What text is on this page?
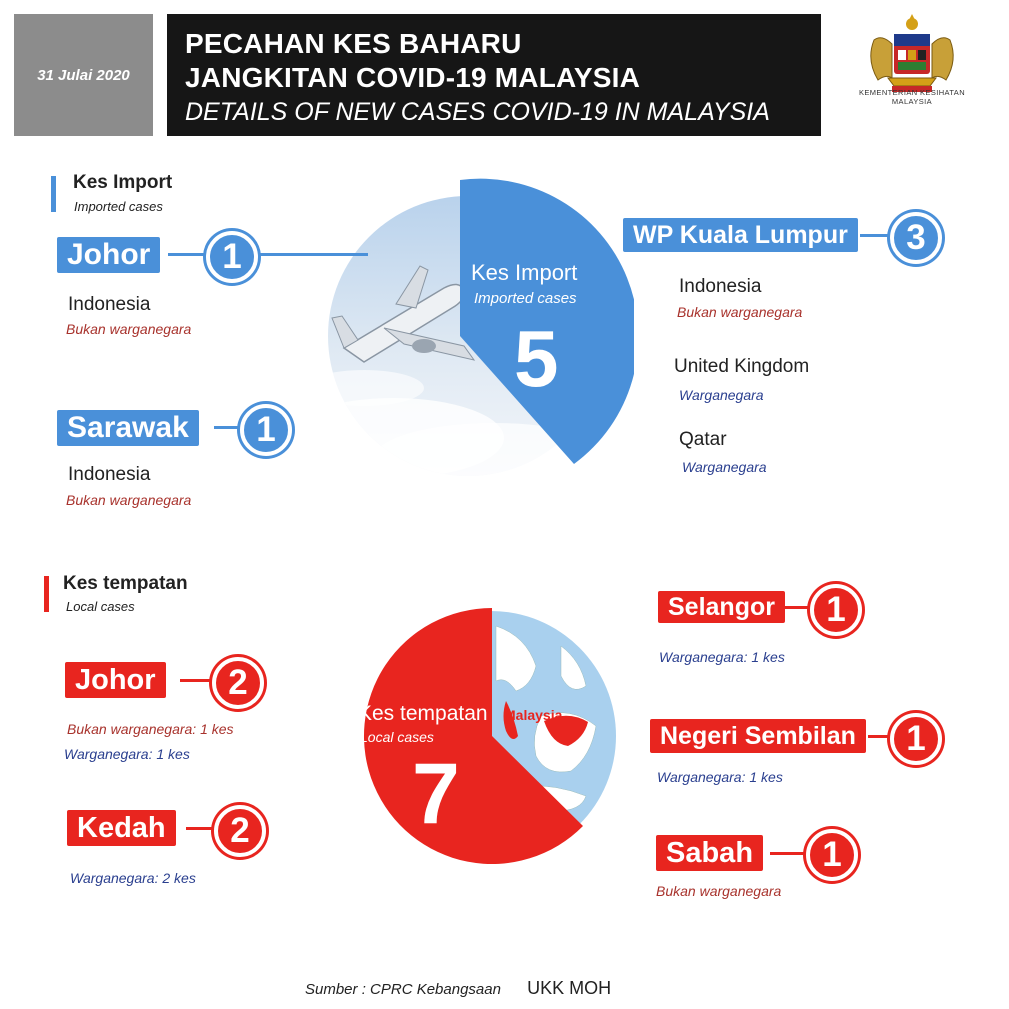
31 Julai 2020
PECAHAN KES BAHARU
JANGKITAN COVID-19 MALAYSIA
DETAILS OF NEW CASES COVID-19 IN MALAYSIA
KEMENTERIAN KESIHATAN
MALAYSIA
Kes Import
Imported cases
Kes Import
Imported cases
5
Johor	1
Indonesia
Bukan warganegara
Sarawak	1
Indonesia
Bukan warganegara
WP Kuala Lumpur	3
Indonesia
Bukan warganegara
United Kingdom
Warganegara
Qatar
Warganegara
Kes tempatan
Local cases
Kes tempatan Malaysia
Local cases
7
Johor	2
Bukan warganegara: 1 kes
Warganegara: 1 kes
Kedah	2
Warganegara: 2 kes
Selangor	1
Warganegara: 1 kes
Negeri Sembilan	1
Warganegara: 1 kes
Sabah	1
Bukan warganegara
Sumber : CPRC Kebangsaan UKK MOH
